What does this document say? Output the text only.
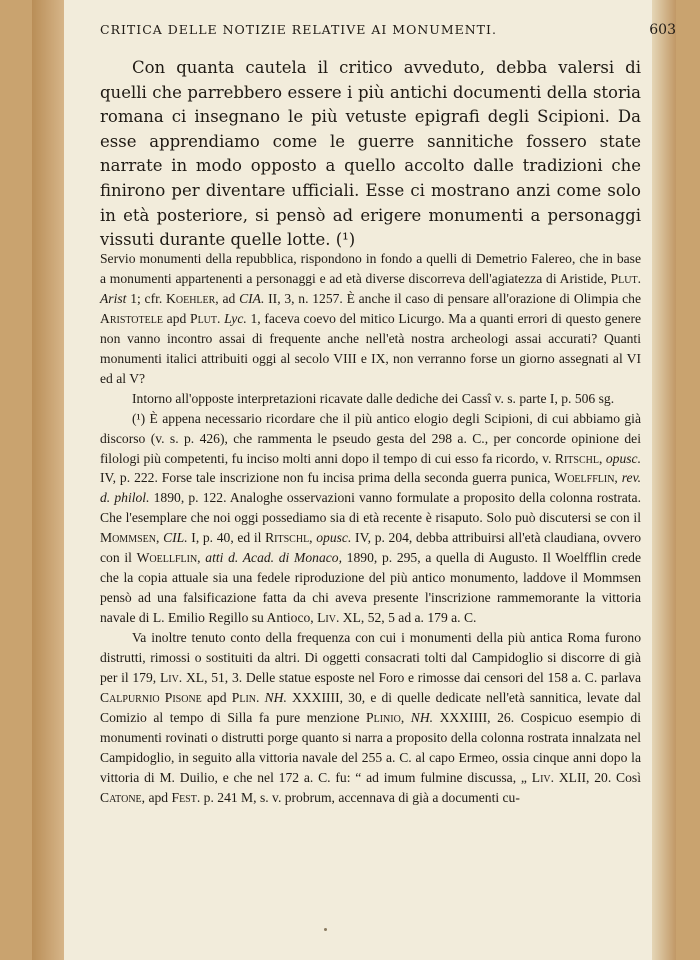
CRITICA DELLE NOTIZIE RELATIVE AI MONUMENTI.	603

Con quanta cautela il critico avveduto, debba valersi di quelli che parrebbero essere i più antichi documenti della storia romana ci insegnano le più vetuste epigrafi degli Scipioni. Da esse apprendiamo come le guerre sannitiche fossero state narrate in modo opposto a quello accolto dalle tradizioni che finirono per diventare ufficiali. Esse ci mostrano anzi come solo in età posteriore, si pensò ad erigere monumenti a personaggi vissuti durante quelle lotte. (¹)

Servio monumenti della repubblica, rispondono in fondo a quelli di Demetrio Falereo, che in base a monumenti appartenenti a personaggi e ad età diverse discorreva dell'agiatezza di Aristide, Plut. Arist 1; cfr. Koehler, ad CIA. II, 3, n. 1257. È anche il caso di pensare all'orazione di Olimpia che Aristotele apd Plut. Lyc. 1, faceva coevo del mitico Licurgo. Ma a quanti errori di questo genere non vanno incontro assai di frequente anche nell'età nostra archeologi assai accurati? Quanti monumenti italici attribuiti oggi al secolo VIII e IX, non verranno forse un giorno assegnati al VI ed al V?

Intorno all'opposte interpretazioni ricavate dalle dediche dei Cassî v. s. parte I, p. 506 sg.

(¹) È appena necessario ricordare che il più antico elogio degli Scipioni, di cui abbiamo già discorso (v. s. p. 426), che rammenta le pseudo gesta del 298 a. C., per concorde opinione dei filologi più competenti, fu inciso molti anni dopo il tempo di cui esso fa ricordo, v. Ritschl, opusc. IV, p. 222. Forse tale inscrizione non fu incisa prima della seconda guerra punica, Woelfflin, rev. d. philol. 1890, p. 122. Analoghe osservazioni vanno formulate a proposito della colonna rostrata. Che l'esemplare che noi oggi possediamo sia di età recente è risaputo. Solo può discutersi se con il Mommsen, CIL. I, p. 40, ed il Ritschl, opusc. IV, p. 204, debba attribuirsi all'età claudiana, ovvero con il Woellflin, atti d. Acad. di Monaco, 1890, p. 295, a quella di Augusto. Il Woelfflin crede che la copia attuale sia una fedele riproduzione del più antico monumento, laddove il Mommsen pensò ad una falsificazione fatta da chi aveva presente l'inscrizione rammemorante la vittoria navale di L. Emilio Regillo su Antioco, Liv. XL, 52, 5 ad a. 179 a. C.

Va inoltre tenuto conto della frequenza con cui i monumenti della più antica Roma furono distrutti, rimossi o sostituiti da altri. Di oggetti consacrati tolti dal Campidoglio si discorre di già per il 179, Liv. XL, 51, 3. Delle statue esposte nel Foro e rimosse dai censori del 158 a. C. parlava Calpurnio Pisone apd Plin. NH. XXXIIII, 30, e di quelle dedicate nell'età sannitica, levate dal Comizio al tempo di Silla fa pure menzione Plinio, NH. XXXIIII, 26. Cospicuo esempio di monumenti rovinati o distrutti porge quanto si narra a proposito della colonna rostrata innalzata nel Campidoglio, in seguito alla vittoria navale del 255 a. C. al capo Ermeo, ossia cinque anni dopo la vittoria di M. Duilio, e che nel 172 a. C. fu: “ ad imum fulmine discussa, „ Liv. XLII, 20. Così Catone, apd Fest. p. 241 M, s. v. probrum, accennava di già a documenti cu-
